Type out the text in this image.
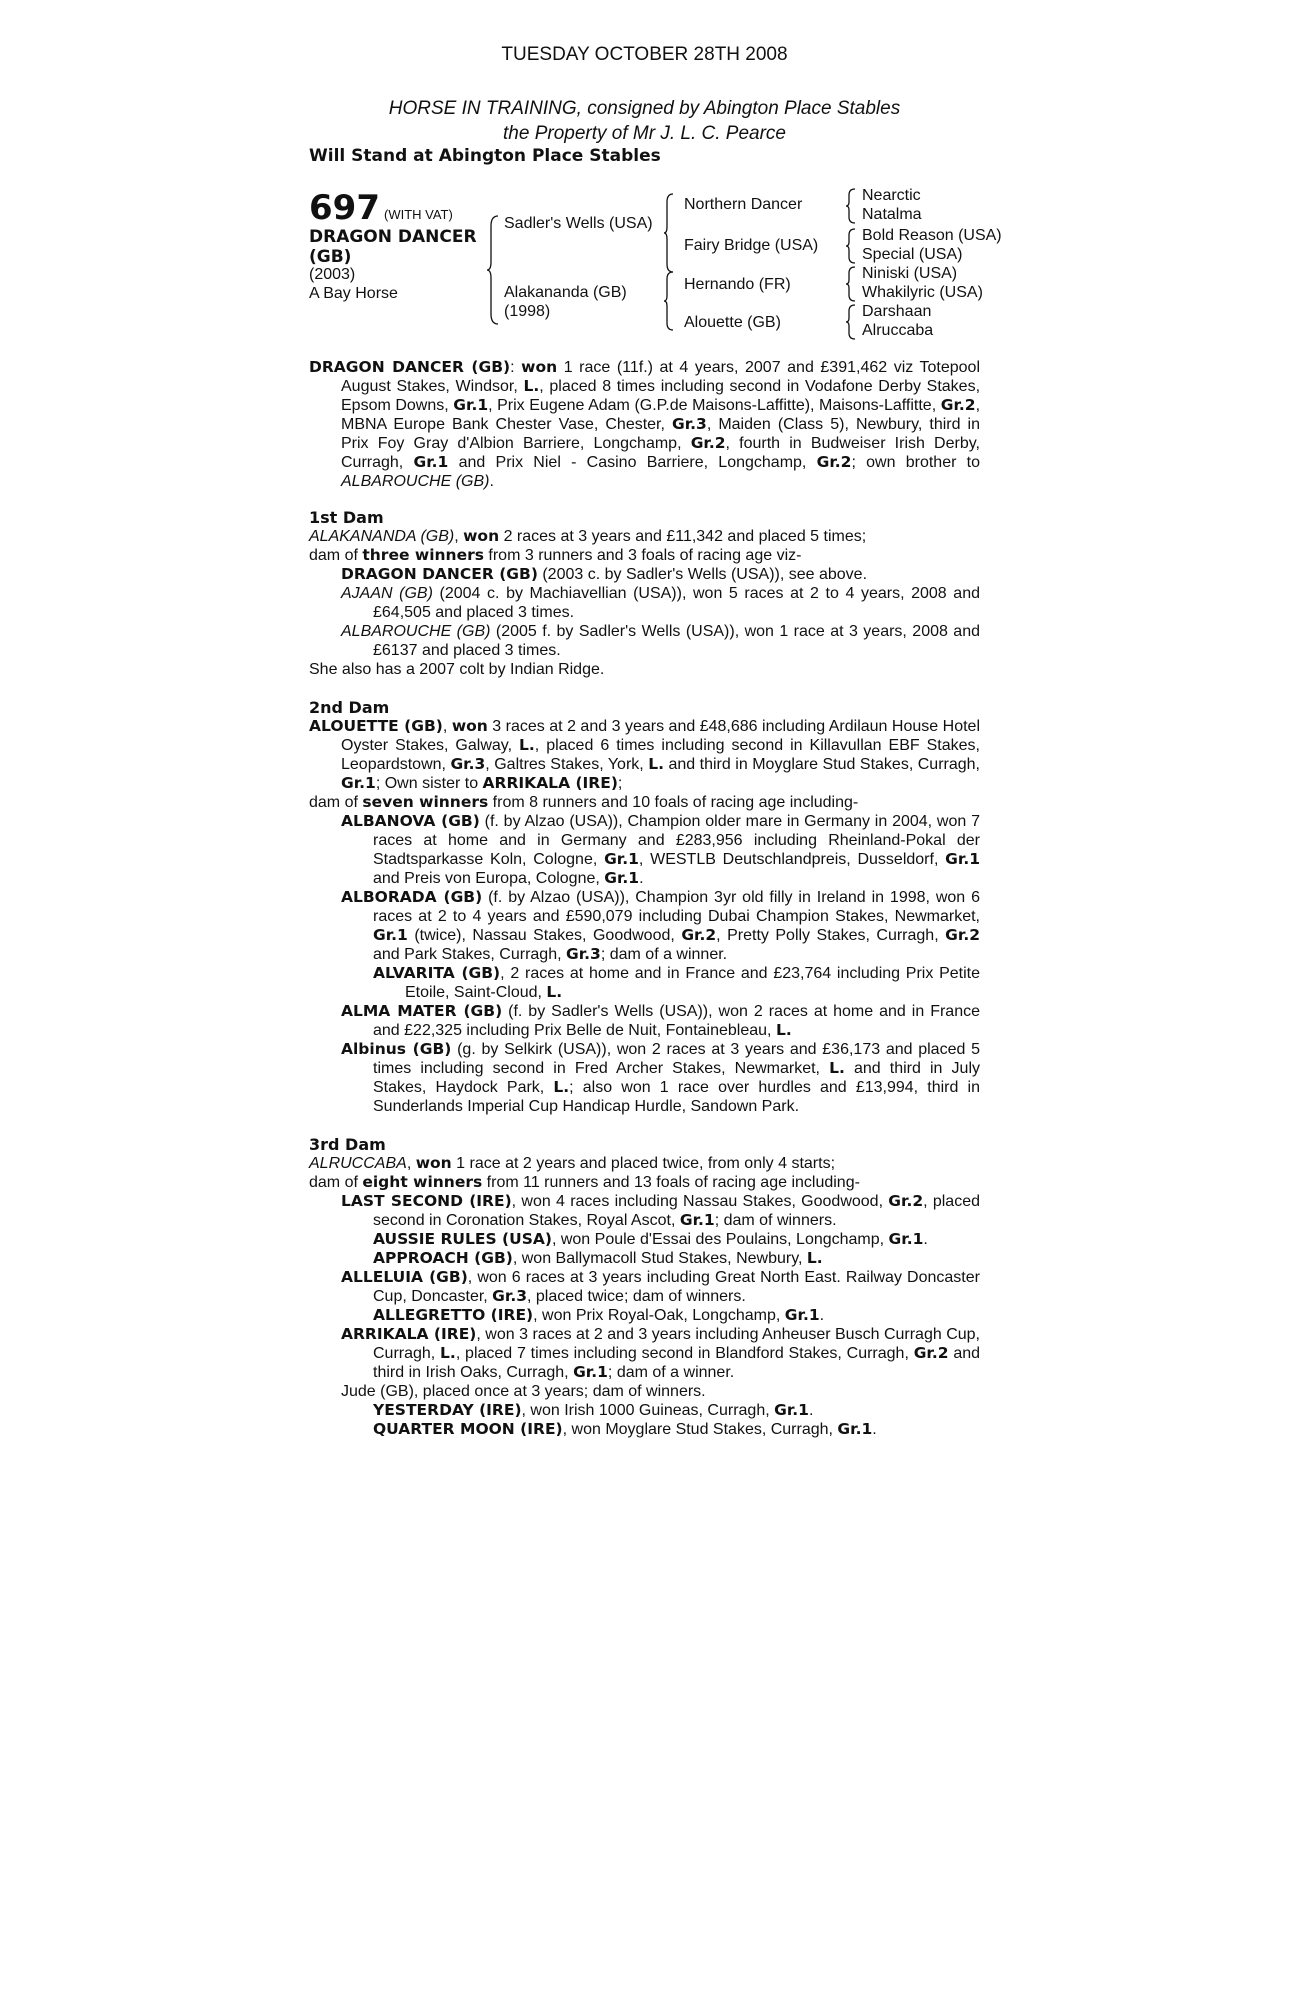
TUESDAY OCTOBER 28TH 2008
HORSE IN TRAINING, consigned by Abington Place Stables
the Property of Mr J. L. C. Pearce
Will Stand at Abington Place Stables
697 (WITH VAT)
DRAGON DANCER
(GB)
(2003)
A Bay Horse
Sadler's Wells (USA)
Alakananda (GB)
(1998)
Northern Dancer
Fairy Bridge (USA)
Hernando (FR)
Alouette (GB)
Nearctic
Natalma
Bold Reason (USA)
Special (USA)
Niniski (USA)
Whakilyric (USA)
Darshaan
Alruccaba
DRAGON DANCER (GB): won 1 race (11f.) at 4 years, 2007 and £391,462 viz Totepool August Stakes, Windsor, L., placed 8 times including second in Vodafone Derby Stakes, Epsom Downs, Gr.1, Prix Eugene Adam (G.P.de Maisons-Laffitte), Maisons-Laffitte, Gr.2, MBNA Europe Bank Chester Vase, Chester, Gr.3, Maiden (Class 5), Newbury, third in Prix Foy Gray d'Albion Barriere, Longchamp, Gr.2, fourth in Budweiser Irish Derby, Curragh, Gr.1 and Prix Niel - Casino Barriere, Longchamp, Gr.2; own brother to ALBAROUCHE (GB).
1st Dam
ALAKANANDA (GB), won 2 races at 3 years and £11,342 and placed 5 times;
dam of three winners from 3 runners and 3 foals of racing age viz-
DRAGON DANCER (GB) (2003 c. by Sadler's Wells (USA)), see above.
AJAAN (GB) (2004 c. by Machiavellian (USA)), won 5 races at 2 to 4 years, 2008 and £64,505 and placed 3 times.
ALBAROUCHE (GB) (2005 f. by Sadler's Wells (USA)), won 1 race at 3 years, 2008 and £6137 and placed 3 times.
She also has a 2007 colt by Indian Ridge.
2nd Dam
ALOUETTE (GB), won 3 races at 2 and 3 years and £48,686 including Ardilaun House Hotel Oyster Stakes, Galway, L., placed 6 times including second in Killavullan EBF Stakes, Leopardstown, Gr.3, Galtres Stakes, York, L. and third in Moyglare Stud Stakes, Curragh, Gr.1; Own sister to ARRIKALA (IRE);
dam of seven winners from 8 runners and 10 foals of racing age including-
ALBANOVA (GB) (f. by Alzao (USA)), Champion older mare in Germany in 2004, won 7 races at home and in Germany and £283,956 including Rheinland-Pokal der Stadtsparkasse Koln, Cologne, Gr.1, WESTLB Deutschlandpreis, Dusseldorf, Gr.1 and Preis von Europa, Cologne, Gr.1.
ALBORADA (GB) (f. by Alzao (USA)), Champion 3yr old filly in Ireland in 1998, won 6 races at 2 to 4 years and £590,079 including Dubai Champion Stakes, Newmarket, Gr.1 (twice), Nassau Stakes, Goodwood, Gr.2, Pretty Polly Stakes, Curragh, Gr.2 and Park Stakes, Curragh, Gr.3; dam of a winner.
ALVARITA (GB), 2 races at home and in France and £23,764 including Prix Petite Etoile, Saint-Cloud, L.
ALMA MATER (GB) (f. by Sadler's Wells (USA)), won 2 races at home and in France and £22,325 including Prix Belle de Nuit, Fontainebleau, L.
Albinus (GB) (g. by Selkirk (USA)), won 2 races at 3 years and £36,173 and placed 5 times including second in Fred Archer Stakes, Newmarket, L. and third in July Stakes, Haydock Park, L.; also won 1 race over hurdles and £13,994, third in Sunderlands Imperial Cup Handicap Hurdle, Sandown Park.
3rd Dam
ALRUCCABA, won 1 race at 2 years and placed twice, from only 4 starts;
dam of eight winners from 11 runners and 13 foals of racing age including-
LAST SECOND (IRE), won 4 races including Nassau Stakes, Goodwood, Gr.2, placed second in Coronation Stakes, Royal Ascot, Gr.1; dam of winners.
AUSSIE RULES (USA), won Poule d'Essai des Poulains, Longchamp, Gr.1.
APPROACH (GB), won Ballymacoll Stud Stakes, Newbury, L.
ALLELUIA (GB), won 6 races at 3 years including Great North East. Railway Doncaster Cup, Doncaster, Gr.3, placed twice; dam of winners.
ALLEGRETTO (IRE), won Prix Royal-Oak, Longchamp, Gr.1.
ARRIKALA (IRE), won 3 races at 2 and 3 years including Anheuser Busch Curragh Cup, Curragh, L., placed 7 times including second in Blandford Stakes, Curragh, Gr.2 and third in Irish Oaks, Curragh, Gr.1; dam of a winner.
Jude (GB), placed once at 3 years; dam of winners.
YESTERDAY (IRE), won Irish 1000 Guineas, Curragh, Gr.1.
QUARTER MOON (IRE), won Moyglare Stud Stakes, Curragh, Gr.1.
